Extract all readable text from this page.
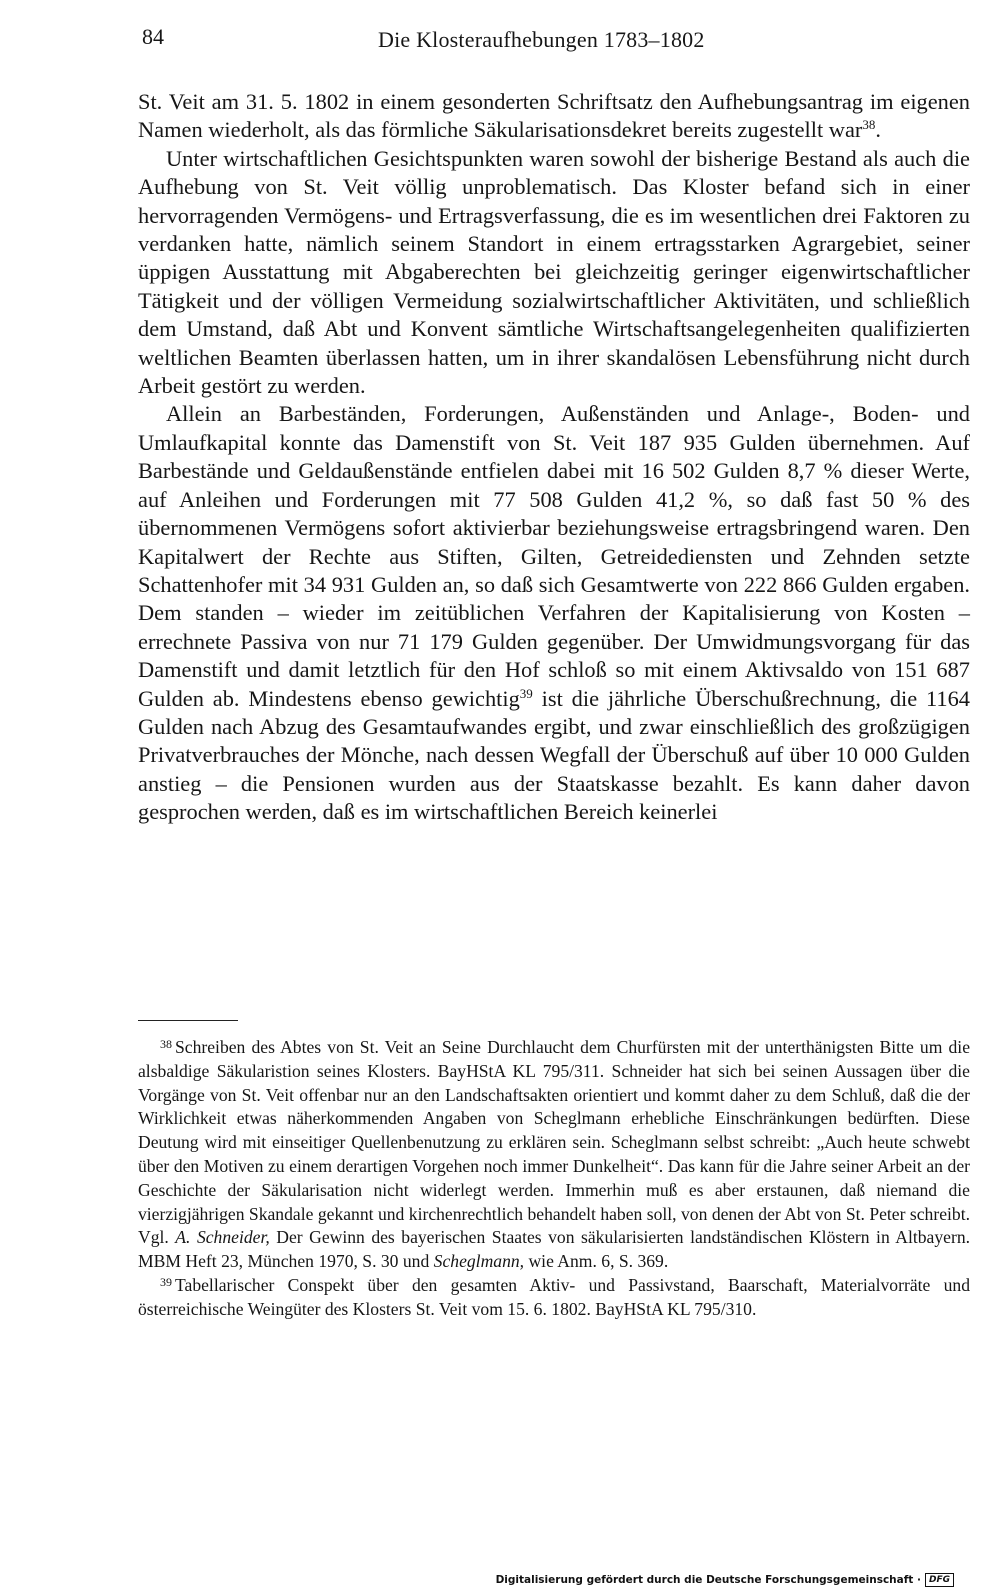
84	Die Klosteraufhebungen 1783–1802

St. Veit am 31. 5. 1802 in einem gesonderten Schriftsatz den Aufhebungsantrag im eigenen Namen wiederholt, als das förmliche Säkularisationsdekret bereits zugestellt war$^{38}$.

Unter wirtschaftlichen Gesichtspunkten waren sowohl der bisherige Bestand als auch die Aufhebung von St. Veit völlig unproblematisch. Das Kloster befand sich in einer hervorragenden Vermögens- und Ertragsverfassung, die es im wesentlichen drei Faktoren zu verdanken hatte, nämlich seinem Standort in einem ertragsstarken Agrargebiet, seiner üppigen Ausstattung mit Abgaberechten bei gleichzeitig geringer eigenwirtschaftlicher Tätigkeit und der völligen Vermeidung sozialwirtschaftlicher Aktivitäten, und schließlich dem Umstand, daß Abt und Konvent sämtliche Wirtschaftsangelegenheiten qualifizierten weltlichen Beamten überlassen hatten, um in ihrer skandalösen Lebensführung nicht durch Arbeit gestört zu werden.

Allein an Barbeständen, Forderungen, Außenständen und Anlage-, Boden- und Umlaufkapital konnte das Damenstift von St. Veit 187 935 Gulden übernehmen. Auf Barbestände und Geldaußenstände entfielen dabei mit 16 502 Gulden 8,7 % dieser Werte, auf Anleihen und Forderungen mit 77 508 Gulden 41,2 %, so daß fast 50 % des übernommenen Vermögens sofort aktivierbar beziehungsweise ertragsbringend waren. Den Kapitalwert der Rechte aus Stiften, Gilten, Getreidediensten und Zehnden setzte Schattenhofer mit 34 931 Gulden an, so daß sich Gesamtwerte von 222 866 Gulden ergaben. Dem standen – wieder im zeitüblichen Verfahren der Kapitalisierung von Kosten – errechnete Passiva von nur 71 179 Gulden gegenüber. Der Umwidmungsvorgang für das Damenstift und damit letztlich für den Hof schloß so mit einem Aktivsaldo von 151 687 Gulden ab. Mindestens ebenso gewichtig$^{39}$ ist die jährliche Überschußrechnung, die 1164 Gulden nach Abzug des Gesamtaufwandes ergibt, und zwar einschließlich des großzügigen Privatverbrauches der Mönche, nach dessen Wegfall der Überschuß auf über 10 000 Gulden anstieg – die Pensionen wurden aus der Staatskasse bezahlt. Es kann daher davon gesprochen werden, daß es im wirtschaftlichen Bereich keinerlei

$^{38}$ Schreiben des Abtes von St. Veit an Seine Durchlaucht dem Churfürsten mit der unterthänigsten Bitte um die alsbaldige Säkularistion seines Klosters. BayHStA KL 795/311. Schneider hat sich bei seinen Aussagen über die Vorgänge von St. Veit offenbar nur an den Landschaftsakten orientiert und kommt daher zu dem Schluß, daß die der Wirklichkeit etwas näherkommenden Angaben von Scheglmann erhebliche Einschränkungen bedürften. Diese Deutung wird mit einseitiger Quellenbenutzung zu erklären sein. Scheglmann selbst schreibt: „Auch heute schwebt über den Motiven zu einem derartigen Vorgehen noch immer Dunkelheit“. Das kann für die Jahre seiner Arbeit an der Geschichte der Säkularisation nicht widerlegt werden. Immerhin muß es aber erstaunen, daß niemand die vierzigjährigen Skandale gekannt und kirchenrechtlich behandelt haben soll, von denen der Abt von St. Peter schreibt. Vgl. A. Schneider, Der Gewinn des bayerischen Staates von säkularisierten landständischen Klöstern in Altbayern. MBM Heft 23, München 1970, S. 30 und Scheglmann, wie Anm. 6, S. 369.

$^{39}$ Tabellarischer Conspekt über den gesamten Aktiv- und Passivstand, Baarschaft, Materialvorräte und österreichische Weingüter des Klosters St. Veit vom 15. 6. 1802. BayHStA KL 795/310.

Digitalisierung gefördert durch die Deutsche Forschungsgemeinschaft · DFG
